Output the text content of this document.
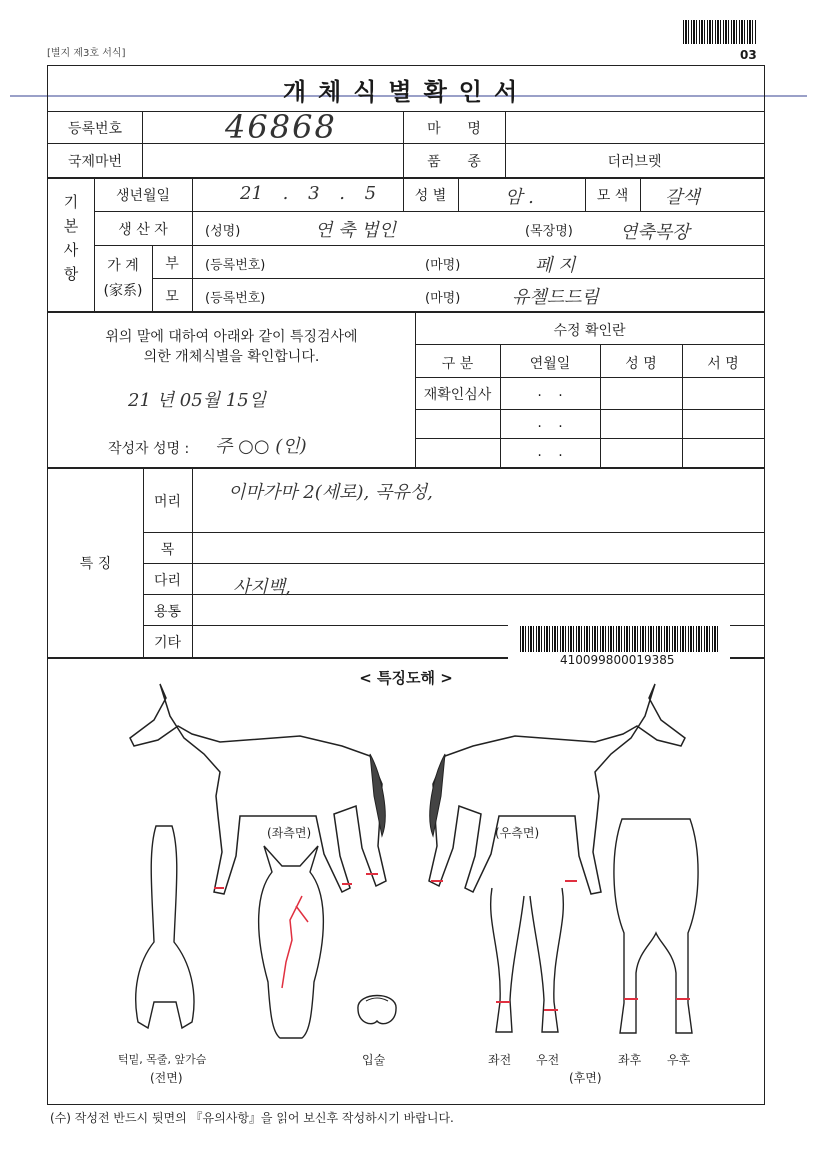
03
[별지 제3호 서식]
개체식별확인서
등록번호	46868	마      명
국제마번	품      종	더러브렛
기본사항
생년월일	21 . 3 . 5	성 별	암 .	모 색	갈색
생 산 자	(성명)	연 축 법인	(목장명)	연축목장
가 계
(家系)
부	(등록번호)	(마명)	페 지
모	(등록번호)	(마명)	유첼드드림
위의 말에 대하여 아래와 같이 특징검사에
의한 개체식별을 확인합니다.
21 년 05월 15일
작성자 성명 : 주 ○○ (인)
수정 확인란
구 분	연월일	성 명	서 명
재확인심사	. .
. .
. .
특 징
머리	이마가마 2(세로), 곡유성,
목
다리	사지백,
용통
기타
410099800019385
< 특징도해 >
(좌측면)	(우측면)
턱밑, 목줄, 앞가슴
(전면)
입술	좌전 우전	좌후 우후
(후면)
(수) 작성전 반드시 뒷면의 『유의사항』을 읽어 보신후 작성하시기 바랍니다.
